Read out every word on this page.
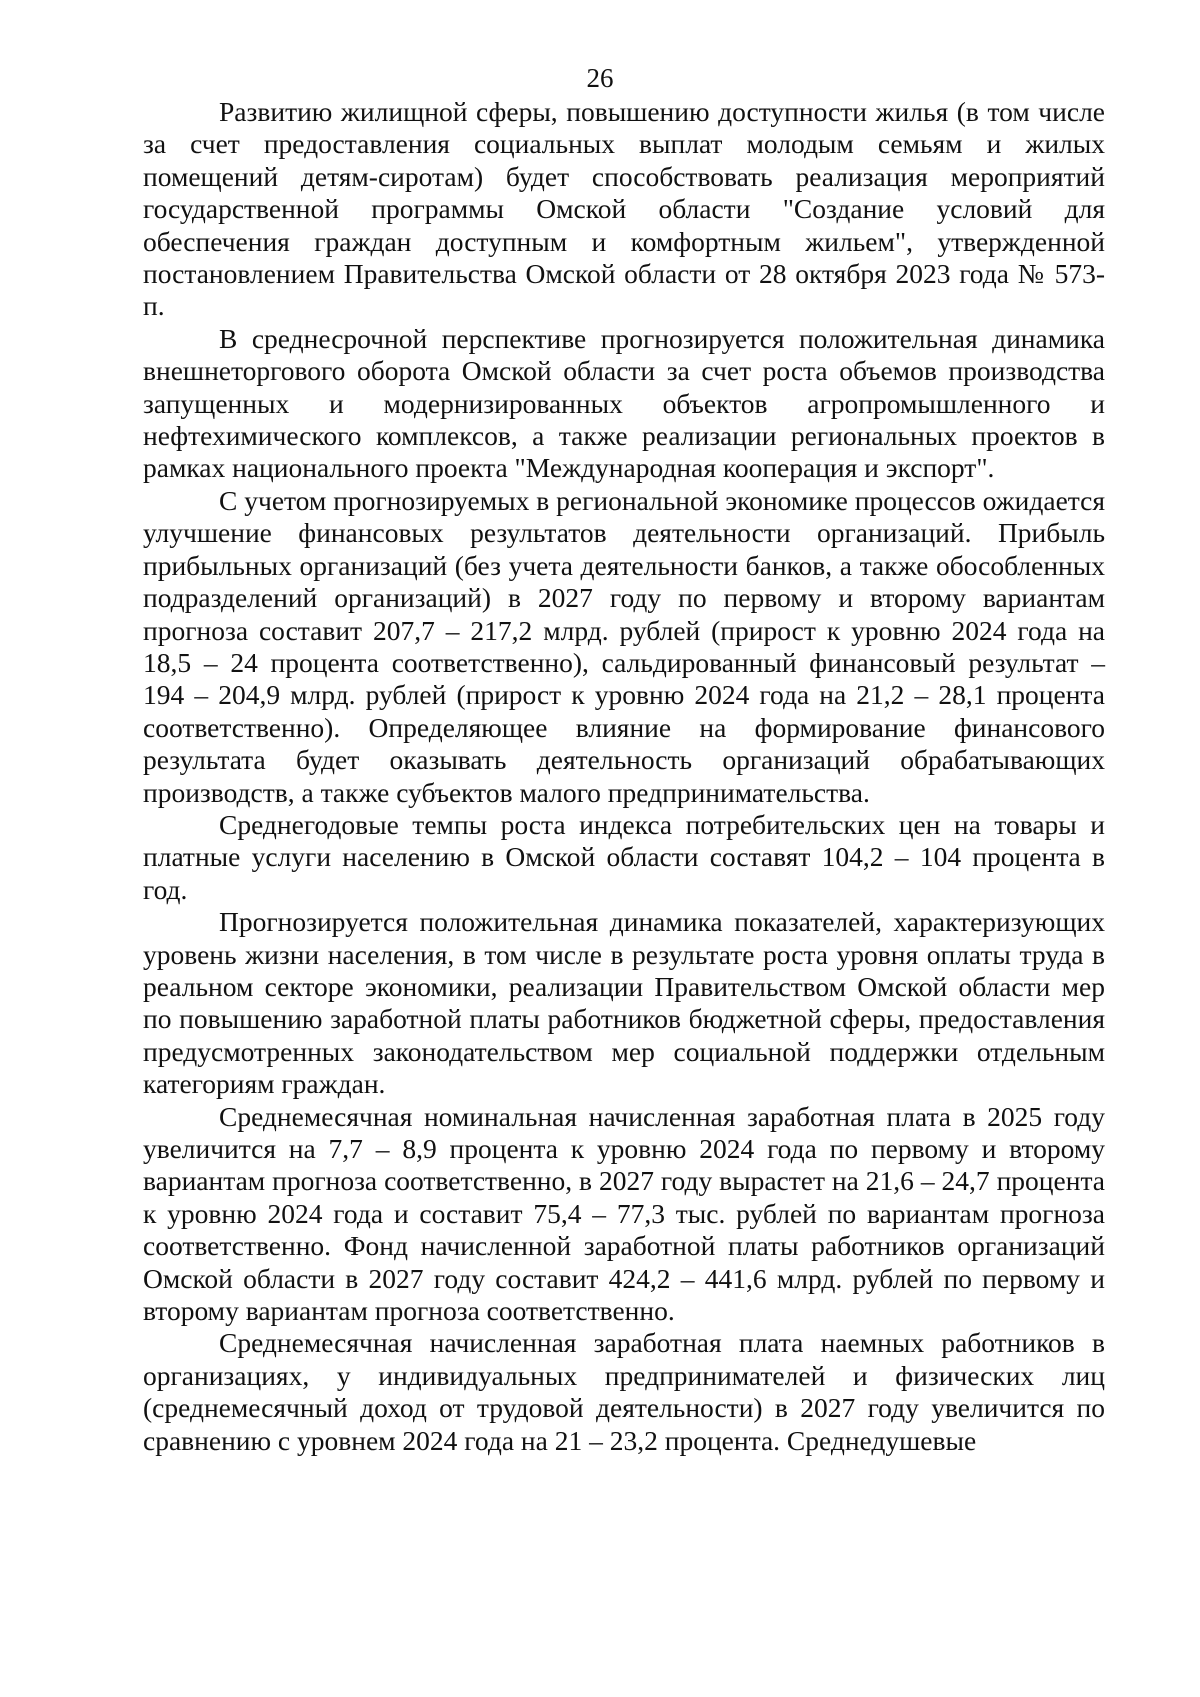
26

Развитию жилищной сферы, повышению доступности жилья (в том числе за счет предоставления социальных выплат молодым семьям и жилых помещений детям-сиротам) будет способствовать реализация мероприятий государственной программы Омской области "Создание условий для обеспечения граждан доступным и комфортным жильем", утвержденной постановлением Правительства Омской области от 28 октября 2023 года № 573-п.

В среднесрочной перспективе прогнозируется положительная динамика внешнеторгового оборота Омской области за счет роста объемов производства запущенных и модернизированных объектов агропромышленного и нефтехимического комплексов, а также реализации региональных проектов в рамках национального проекта "Международная кооперация и экспорт".

С учетом прогнозируемых в региональной экономике процессов ожидается улучшение финансовых результатов деятельности организаций. Прибыль прибыльных организаций (без учета деятельности банков, а также обособленных подразделений организаций) в 2027 году по первому и второму вариантам прогноза составит 207,7 – 217,2 млрд. рублей (прирост к уровню 2024 года на 18,5 – 24 процента соответственно), сальдированный финансовый результат – 194 – 204,9 млрд. рублей (прирост к уровню 2024 года на 21,2 – 28,1 процента соответственно). Определяющее влияние на формирование финансового результата будет оказывать деятельность организаций обрабатывающих производств, а также субъектов малого предпринимательства.

Среднегодовые темпы роста индекса потребительских цен на товары и платные услуги населению в Омской области составят 104,2 – 104 процента в год.

Прогнозируется положительная динамика показателей, характеризующих уровень жизни населения, в том числе в результате роста уровня оплаты труда в реальном секторе экономики, реализации Правительством Омской области мер по повышению заработной платы работников бюджетной сферы, предоставления предусмотренных законодательством мер социальной поддержки отдельным категориям граждан.

Среднемесячная номинальная начисленная заработная плата в 2025 году увеличится на 7,7 – 8,9 процента к уровню 2024 года по первому и второму вариантам прогноза соответственно, в 2027 году вырастет на 21,6 – 24,7 процента к уровню 2024 года и составит 75,4 – 77,3 тыс. рублей по вариантам прогноза соответственно. Фонд начисленной заработной платы работников организаций Омской области в 2027 году составит 424,2 – 441,6 млрд. рублей по первому и второму вариантам прогноза соответственно.

Среднемесячная начисленная заработная плата наемных работников в организациях, у индивидуальных предпринимателей и физических лиц (среднемесячный доход от трудовой деятельности) в 2027 году увеличится по сравнению с уровнем 2024 года на 21 – 23,2 процента. Среднедушевые
